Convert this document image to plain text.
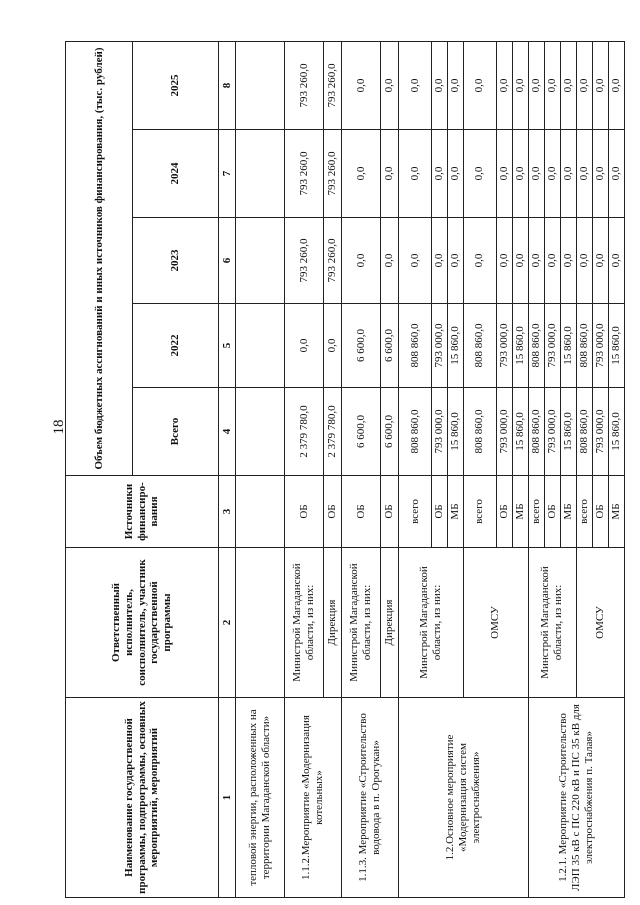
18
Наименование государственной программы, подпрограммы, основных мероприятий, мероприятий	Ответственный исполнитель, соисполнитель, участник государственной программы	Источники финансиро-вания	Объем бюджетных ассигнований и иных источников финансирования, (тыс. рублей)				
			Всего	2022	2023	2024	2025
1	2	3	4	5	6	7	8
тепловой энергии, расположенных на территории Магаданской области»							
1.1.2.Мероприятие «Модернизация котельных»	Министрой Магаданской области, из них:	ОБ	2 379 780,0	0,0	793 260,0	793 260,0	793 260,0
	Дирекция	ОБ	2 379 780,0	0,0	793 260,0	793 260,0	793 260,0
1.1.3. Мероприятие «Строительство водовода в п. Орогукан»	Министрой Магаданской области, из них:	ОБ	6 600,0	6 600,0	0,0	0,0	0,0
	Дирекция	ОБ	6 600,0	6 600,0	0,0	0,0	0,0
1.2.Основное мероприятие «Модернизация систем электроснабжения»	Минстрой Магаданской области, из них:	всего	808 860,0	808 860,0	0,0	0,0	0,0
		ОБ	793 000,0	793 000,0	0,0	0,0	0,0
		МБ	15 860,0	15 860,0	0,0	0,0	0,0
	ОМСУ	всего	808 860,0	808 860,0	0,0	0,0	0,0
		ОБ	793 000,0	793 000,0	0,0	0,0	0,0
		МБ	15 860,0	15 860,0	0,0	0,0	0,0
1.2.1. Мероприятие «Строительство ЛЭП 35 кВ с ПС 220 кВ и ПС 35 кВ для электроснабжения п. Талая»	Минстрой Магаданской области, из них:	всего	808 860,0	808 860,0	0,0	0,0	0,0
		ОБ	793 000,0	793 000,0	0,0	0,0	0,0
		МБ	15 860,0	15 860,0	0,0	0,0	0,0
	ОМСУ	всего	808 860,0	808 860,0	0,0	0,0	0,0
		ОБ	793 000,0	793 000,0	0,0	0,0	0,0
		МБ	15 860,0	15 860,0	0,0	0,0	0,0
